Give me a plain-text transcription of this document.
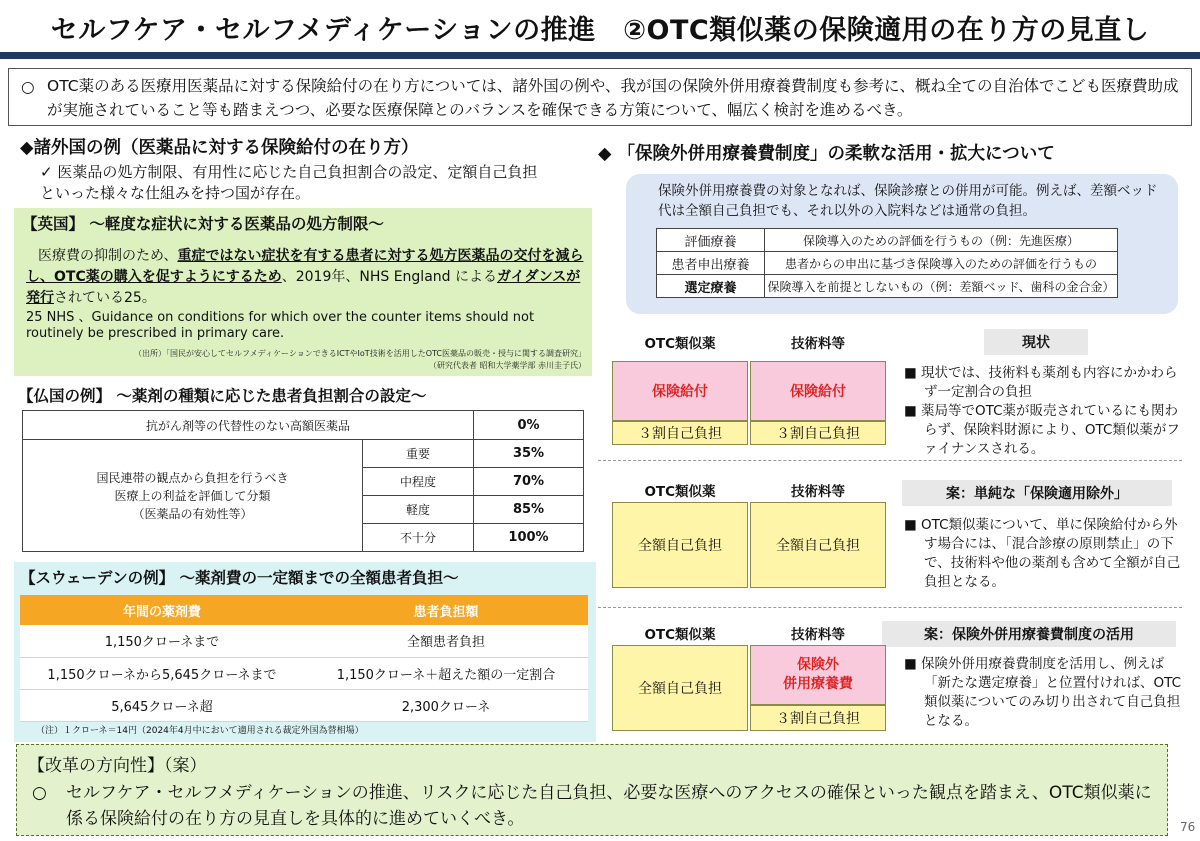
セルフケア・セルフメディケーションの推進　②OTC類似薬の保険適用の在り方の見直し
○ OTC薬のある医療用医薬品に対する保険給付の在り方については、諸外国の例や、我が国の保険外併用療養費制度も参考に、概ね全ての自治体でこども医療費助成が実施されていること等も踏まえつつ、必要な医療保障とのバランスを確保できる方策について、幅広く検討を進めるべき。
◆諸外国の例（医薬品に対する保険給付の在り方）
✓ 医薬品の処方制限、有用性に応じた自己負担割合の設定、定額自己負担といった様々な仕組みを持つ国が存在。
【英国】 ～軽度な症状に対する医薬品の処方制限～
医療費の抑制のため、重症ではない症状を有する患者に対する処方医薬品の交付を減らし、OTC薬の購入を促すようにするため、2019年、NHS England によるガイダンスが発行されている25。
25 NHS 、Guidance on conditions for which over the counter items should not routinely be prescribed in primary care.
（出所）「国民が安心してセルフメディケーションできるICTやIoT技術を活用したOTC医薬品の販売・授与に関する調査研究」
（研究代表者 昭和大学薬学部 赤川圭子氏）
【仏国の例】 ～薬剤の種類に応じた患者負担割合の設定～
抗がん剤等の代替性のない高額医薬品		0%

国民連帯の観点から負担を行うべき
医療上の利益を評価して分類
（医薬品の有効性等）	重要	35%
	中程度	70%
	軽度	85%
	不十分	100%
【スウェーデンの例】 ～薬剤費の一定額までの全額患者負担～
年間の薬剤費	患者負担額
1,150クローネまで	全額患者負担
1,150クローネから5,645クローネまで	1,150クローネ＋超えた額の一定割合
5,645クローネ超	2,300クローネ
（注）１クローネ＝14円（2024年4月中において適用される裁定外国為替相場）
◆ 「保険外併用療養費制度」の柔軟な活用・拡大について
保険外併用療養費の対象となれば、保険診療との併用が可能。例えば、差額ベッド代は全額自己負担でも、それ以外の入院料などは通常の負担。
評価療養	保険導入のための評価を行うもの（例：先進医療）
患者申出療養	患者からの申出に基づき保険導入のための評価を行うもの
選定療養	保険導入を前提としないもの（例：差額ベッド、歯科の金合金）
OTC類似薬	技術料等	現状
保険給付	保険給付
３割自己負担	３割自己負担
■ 現状では、技術料も薬剤も内容にかかわらず一定割合の負担
■ 薬局等でOTC薬が販売されているにも関わらず、保険料財源により、OTC類似薬がファイナンスされる。
OTC類似薬	技術料等	案：単純な「保険適用除外」
全額自己負担	全額自己負担
■ OTC類似薬について、単に保険給付から外す場合には、「混合診療の原則禁止」の下で、技術料や他の薬剤も含めて全額が自己負担となる。
OTC類似薬	技術料等	案：保険外併用療養費制度の活用
全額自己負担
保険外
併用療養費
３割自己負担
■ 保険外併用療養費制度を活用し、例えば「新たな選定療養」と位置付ければ、OTC類似薬についてのみ切り出されて自己負担となる。
【改革の方向性】（案）
○	セルフケア・セルフメディケーションの推進、リスクに応じた自己負担、必要な医療へのアクセスの確保といった観点を踏まえ、OTC類似薬に係る保険給付の在り方の見直しを具体的に進めていくべき。	76
